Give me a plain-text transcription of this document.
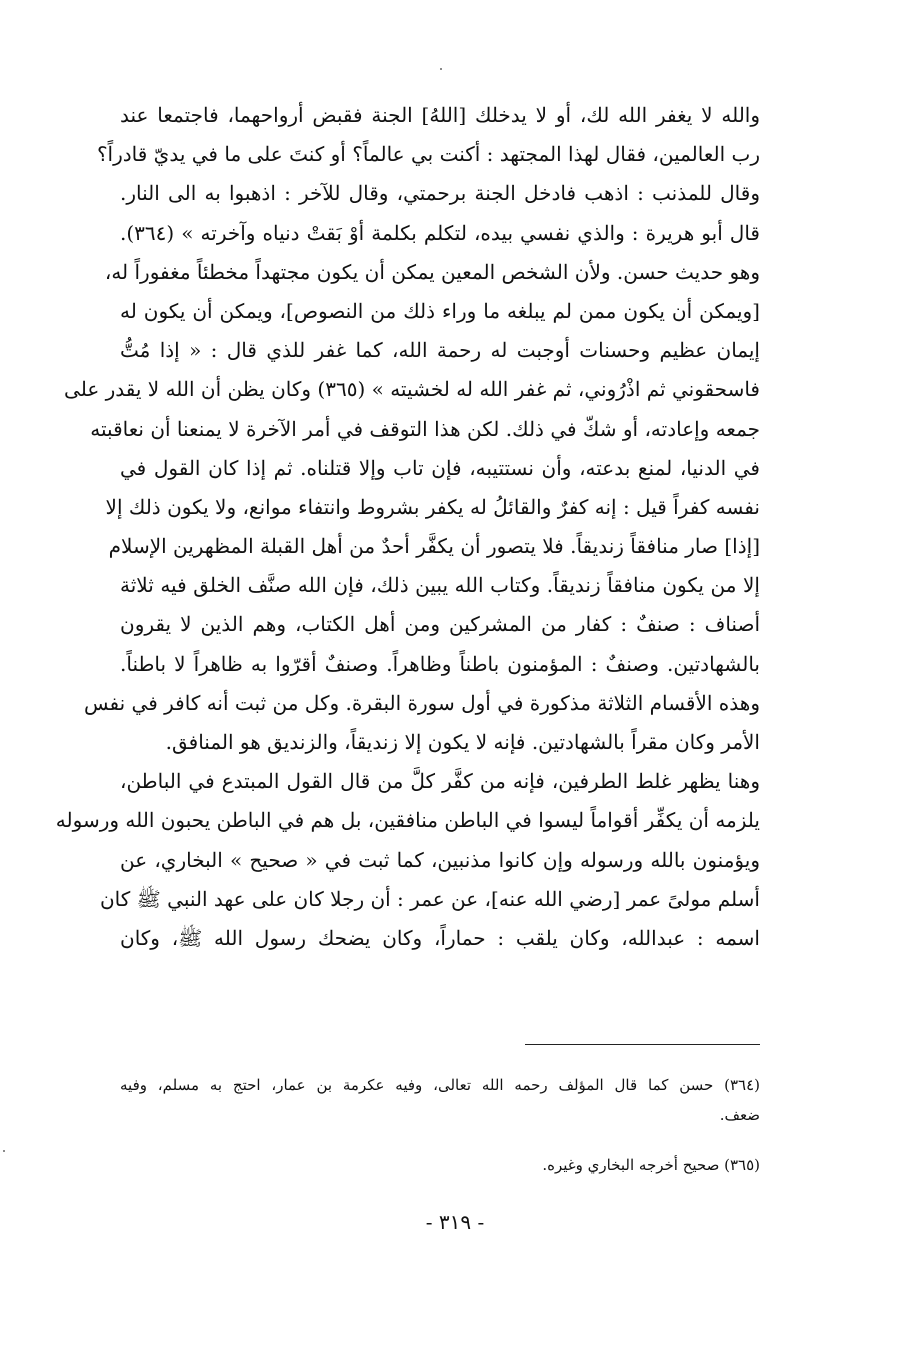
والله لا يغفر الله لك، أو لا يدخلك [اللهُ] الجنة فقبض أرواحهما، فاجتمعا عند
رب العالمين، فقال لهذا المجتهد : أكنت بي عالماً؟ أو كنتَ على ما في يديّ قادراً؟
وقال للمذنب : اذهب فادخل الجنة برحمتي، وقال للآخر : اذهبوا به الى النار.
قال أبو هريرة : والذي نفسي بيده، لتكلم بكلمة أوْ بَقتْ دنياه وآخرته » (٣٦٤).
وهو حديث حسن. ولأن الشخص المعين يمكن أن يكون مجتهداً مخطئاً مغفوراً له،
[ويمكن أن يكون ممن لم يبلغه ما وراء ذلك من النصوص]، ويمكن أن يكون له
إيمان عظيم وحسنات أوجبت له رحمة الله، كما غفر للذي قال : « إذا مُتُّ
فاسحقوني ثم اذْرُوني، ثم غفر الله له لخشيته » (٣٦٥) وكان يظن أن الله لا يقدر على
جمعه وإعادته، أو شكّ في ذلك. لكن هذا التوقف في أمر الآخرة لا يمنعنا أن نعاقبته
في الدنيا، لمنع بدعته، وأن نستتيبه، فإن تاب وإلا قتلناه. ثم إذا كان القول في
نفسه كفراً قيل : إنه كفرٌ والقائلُ له يكفر بشروط وانتفاء موانع، ولا يكون ذلك إلا
[إذا] صار منافقاً زنديقاً. فلا يتصور أن يكفَّر أحدٌ من أهل القبلة المظهرين الإسلام
إلا من يكون منافقاً زنديقاً. وكتاب الله يبين ذلك، فإن الله صنَّف الخلق فيه ثلاثة
أصناف : صنفٌ : كفار من المشركين ومن أهل الكتاب، وهم الذين لا يقرون
بالشهادتين. وصنفٌ : المؤمنون باطناً وظاهراً. وصنفٌ أقرّوا به ظاهراً لا باطناً.
وهذه الأقسام الثلاثة مذكورة في أول سورة البقرة. وكل من ثبت أنه كافر في نفس
الأمر وكان مقراً بالشهادتين. فإنه لا يكون إلا زنديقاً، والزنديق هو المنافق.
وهنا يظهر غلط الطرفين، فإنه من كفَّر كلَّ من قال القول المبتدع في الباطن،
يلزمه أن يكفِّر أقواماً ليسوا في الباطن منافقين، بل هم في الباطن يحبون الله ورسوله
ويؤمنون بالله ورسوله وإن كانوا مذنبين، كما ثبت في « صحيح » البخاري، عن
أسلم مولىً عمر [رضي الله عنه]، عن عمر : أن رجلا كان على عهد النبي ﷺ كان
اسمه : عبدالله، وكان يلقب : حماراً، وكان يضحك رسول الله ﷺ، وكان
(٣٦٤) حسن كما قال المؤلف رحمه الله تعالى، وفيه عكرمة بن عمار، احتج به مسلم، وفيه
ضعف.
(٣٦٥) صحيح أخرجه البخاري وغيره.
- ٣١٩ -
